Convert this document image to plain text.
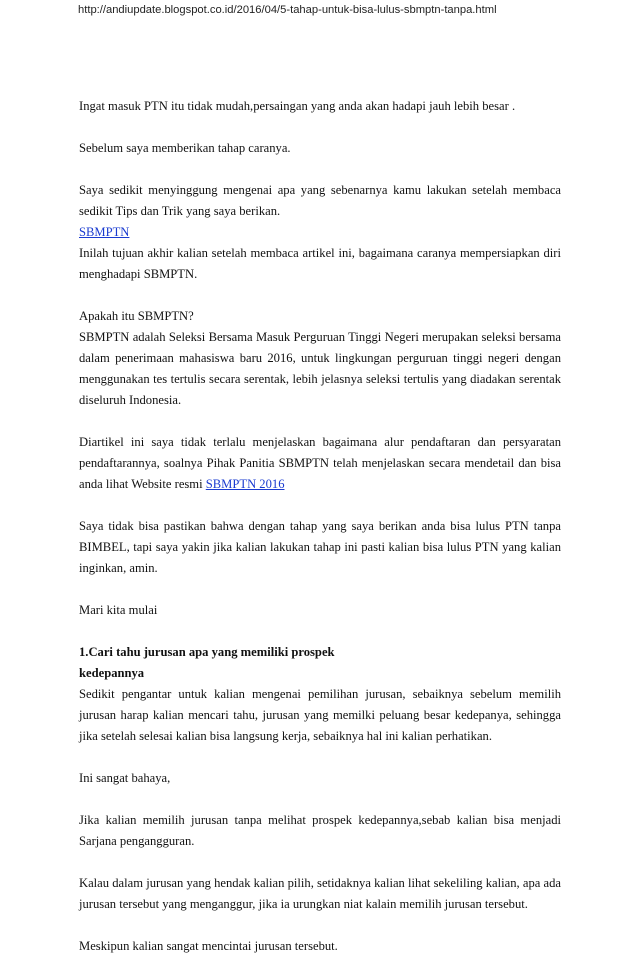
http://andiupdate.blogspot.co.id/2016/04/5-tahap-untuk-bisa-lulus-sbmptn-tanpa.html

Ingat masuk PTN itu tidak mudah,persaingan yang anda akan hadapi jauh lebih besar .

Sebelum saya memberikan tahap caranya.

Saya sedikit menyinggung mengenai apa yang sebenarnya kamu lakukan setelah membaca sedikit Tips dan Trik yang saya berikan.

SBMPTN

Inilah tujuan akhir kalian setelah membaca artikel ini, bagaimana caranya mempersiapkan diri menghadapi SBMPTN.

Apakah itu SBMPTN?

SBMPTN adalah Seleksi Bersama Masuk Perguruan Tinggi Negeri merupakan seleksi bersama dalam penerimaan mahasiswa baru 2016, untuk lingkungan perguruan tinggi negeri dengan menggunakan tes tertulis secara serentak, lebih jelasnya seleksi tertulis yang diadakan serentak diseluruh Indonesia.

Diartikel ini saya tidak terlalu menjelaskan bagaimana alur pendaftaran dan persyaratan pendaftarannya, soalnya Pihak Panitia SBMPTN telah menjelaskan secara mendetail dan bisa anda lihat Website resmi SBMPTN 2016

Saya tidak bisa pastikan bahwa dengan tahap yang saya berikan anda bisa lulus PTN tanpa BIMBEL, tapi saya yakin jika kalian lakukan tahap ini pasti kalian bisa lulus PTN yang kalian inginkan, amin.

Mari kita mulai

1.Cari tahu jurusan apa yang memiliki prospek

kedepannya

Sedikit pengantar untuk kalian mengenai pemilihan jurusan, sebaiknya sebelum memilih jurusan harap kalian mencari tahu, jurusan yang memilki peluang besar kedepanya, sehingga jika setelah selesai kalian bisa langsung kerja, sebaiknya hal ini kalian perhatikan.

Ini sangat bahaya,

Jika kalian memilih jurusan tanpa melihat prospek kedepannya,sebab kalian bisa menjadi Sarjana pengangguran.

Kalau dalam jurusan yang hendak kalian pilih, setidaknya kalian lihat sekeliling kalian, apa ada jurusan tersebut yang menganggur, jika ia urungkan niat kalain memilih jurusan tersebut.

Meskipun kalian sangat mencintai jurusan tersebut.
